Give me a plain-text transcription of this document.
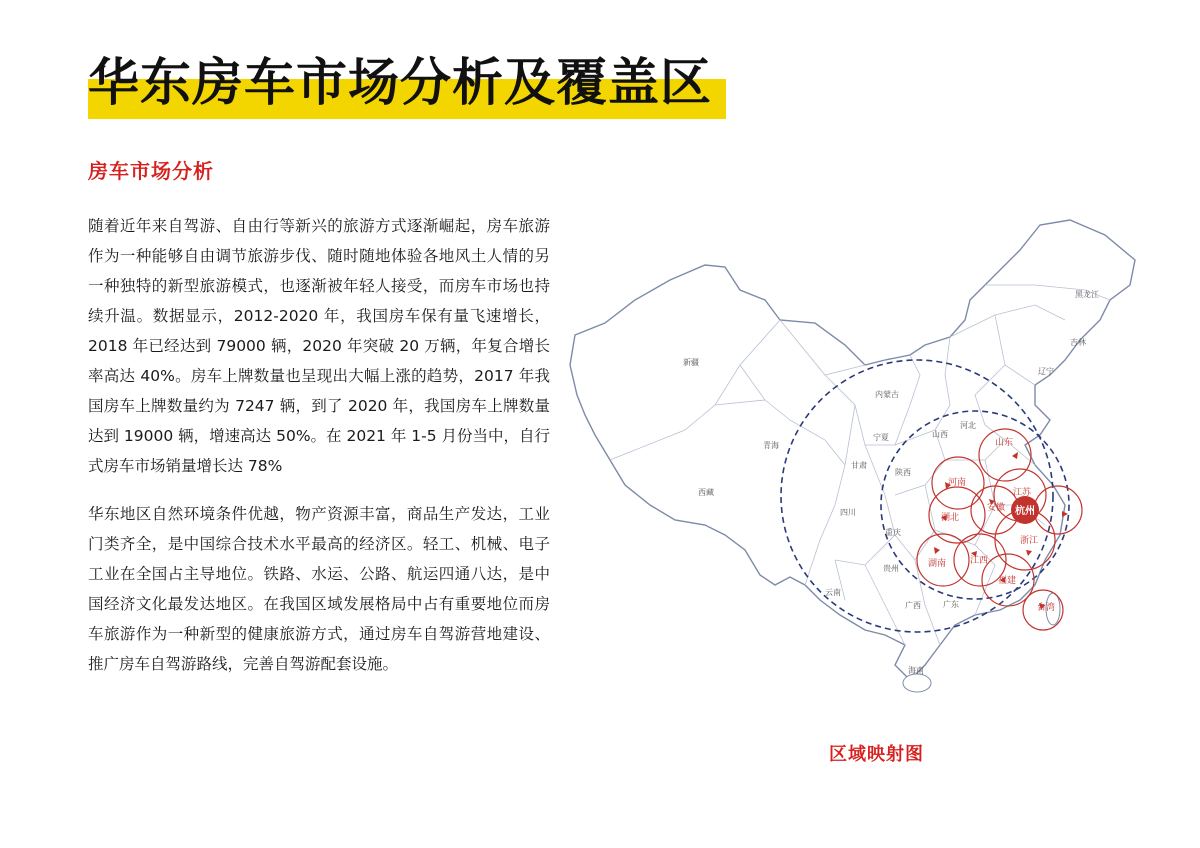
华东房车市场分析及覆盖区
房车市场分析

随着近年来自驾游、自由行等新兴的旅游方式逐渐崛起，房车旅游作为一种能够自由调节旅游步伐、随时随地体验各地风土人情的另一种独特的新型旅游模式，也逐渐被年轻人接受，而房车市场也持续升温。数据显示，2012-2020 年，我国房车保有量飞速增长，2018 年已经达到 79000 辆，2020 年突破 20 万辆，年复合增长率高达 40%。房车上牌数量也呈现出大幅上涨的趋势，2017 年我国房车上牌数量约为 7247 辆，到了 2020 年，我国房车上牌数量达到 19000 辆，增速高达 50%。在 2021 年 1-5 月份当中，自行式房车市场销量增长达 78%

华东地区自然环境条件优越，物产资源丰富，商品生产发达，工业门类齐全，是中国综合技术水平最高的经济区。轻工、机械、电子工业在全国占主导地位。铁路、水运、公路、航运四通八达，是中国经济文化最发达地区。在我国区域发展格局中占有重要地位而房车旅游作为一种新型的健康旅游方式，通过房车自驾游营地建设、推广房车自驾游路线，完善自驾游配套设施。

杭州
新疆
西藏
青海
甘肃
内蒙古
宁夏
陕西
四川
重庆
云南
贵州
广西	广东
海南
黑龙江
吉林
辽宁
河北
山西
山东
河南
湖北
湖南
安徽
江苏
浙江
江西
福建
台湾

区域映射图
